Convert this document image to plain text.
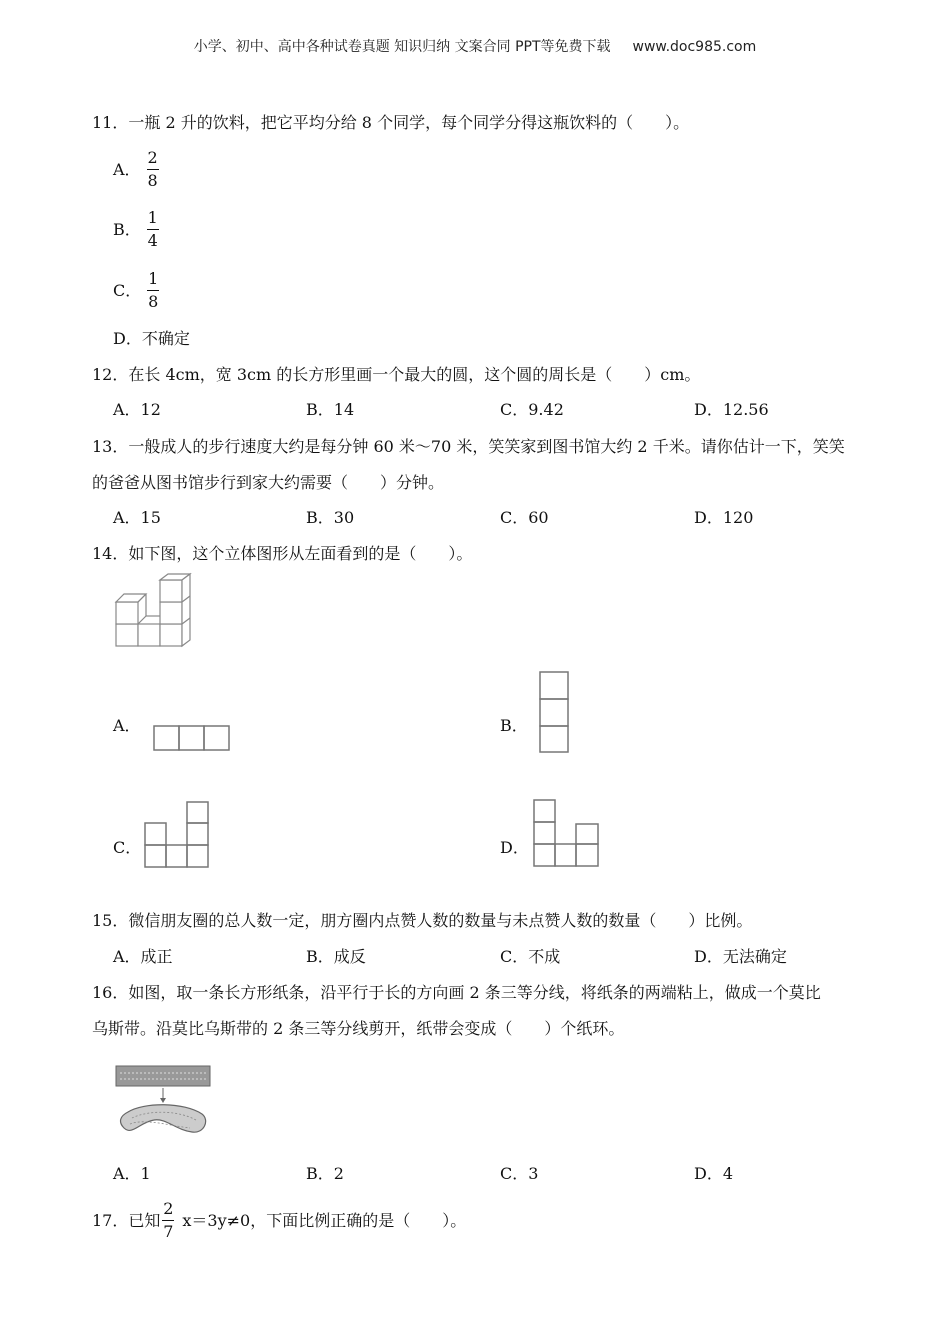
小学、初中、高中各种试卷真题 知识归纳 文案合同 PPT等免费下载 www.doc985.com
11．一瓶 2 升的饮料，把它平均分给 8 个同学，每个同学分得这瓶饮料的（　　）。
A． $\frac{2}{8}$
B． $\frac{1}{4}$
C． $\frac{1}{8}$
D．不确定
12．在长 4cm，宽 3cm 的长方形里画一个最大的圆，这个圆的周长是（　　）cm。
A．12	B．14	C．9.42	D．12.56
13．一般成人的步行速度大约是每分钟 60 米～70 米，笑笑家到图书馆大约 2 千米。请你估计一下，笑笑
的爸爸从图书馆步行到家大约需要（　　）分钟。
A．15	B．30	C．60	D．120
14．如下图，这个立体图形从左面看到的是（　　）。
A．	B．
C．	D．
15．微信朋友圈的总人数一定，朋方圈内点赞人数的数量与未点赞人数的数量（　　）比例。
A．成正	B．成反	C．不成	D．无法确定
16．如图，取一条长方形纸条，沿平行于长的方向画 2 条三等分线，将纸条的两端粘上，做成一个莫比
乌斯带。沿莫比乌斯带的 2 条三等分线剪开，纸带会变成（　　）个纸环。
A．1	B．2	C．3	D．4
17．已知 $\frac{2}{7} x=3y\ne 0$，下面比例正确的是（　　）。
